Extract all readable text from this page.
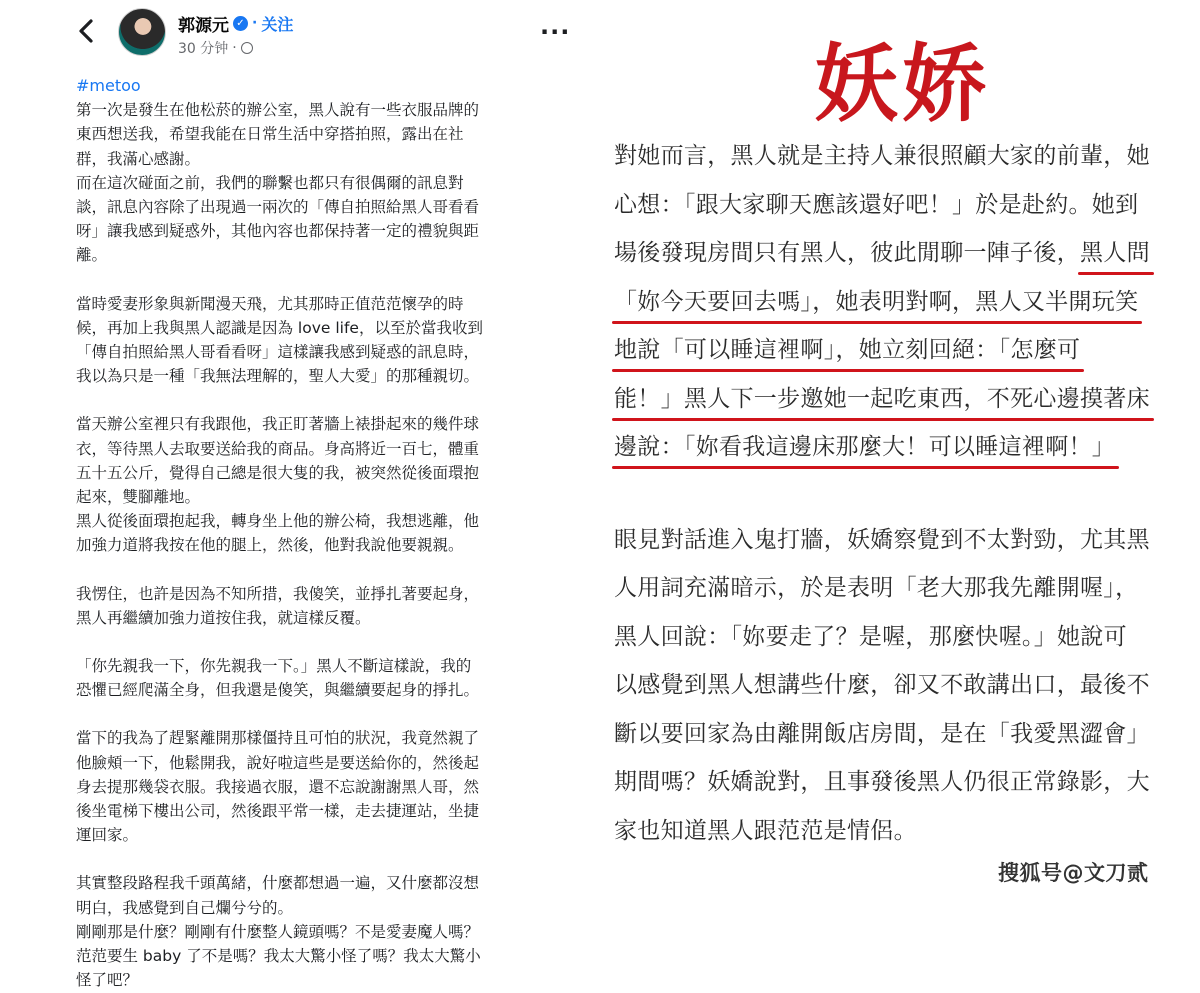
郭源元 ✓ · 关注
30 分钟 ·
···

#metoo

第一次是發生在他松菸的辦公室，黑人說有一些衣服品牌的

東西想送我，希望我能在日常生活中穿搭拍照，露出在社

群，我滿心感謝。

而在這次碰面之前，我們的聯繫也都只有很偶爾的訊息對

談，訊息內容除了出現過一兩次的「傳自拍照給黑人哥看看

呀」讓我感到疑惑外，其他內容也都保持著一定的禮貌與距

離。

當時愛妻形象與新聞漫天飛，尤其那時正值范范懷孕的時

候，再加上我與黑人認識是因為 love life，以至於當我收到

「傳自拍照給黑人哥看看呀」這樣讓我感到疑惑的訊息時，

我以為只是一種「我無法理解的，聖人大愛」的那種親切。

當天辦公室裡只有我跟他，我正盯著牆上裱掛起來的幾件球

衣，等待黑人去取要送給我的商品。身高將近一百七，體重

五十五公斤，覺得自己總是很大隻的我，被突然從後面環抱

起來，雙腳離地。

黑人從後面環抱起我，轉身坐上他的辦公椅，我想逃離，他

加強力道將我按在他的腿上，然後，他對我說他要親親。

我愣住，也許是因為不知所措，我傻笑，並掙扎著要起身，

黑人再繼續加強力道按住我，就這樣反覆。

「你先親我一下，你先親我一下。」黑人不斷這樣說，我的

恐懼已經爬滿全身，但我還是傻笑，與繼續要起身的掙扎。

當下的我為了趕緊離開那樣僵持且可怕的狀況，我竟然親了

他臉頰一下，他鬆開我，說好啦這些是要送給你的，然後起

身去提那幾袋衣服。我接過衣服，還不忘說謝謝黑人哥，然

後坐電梯下樓出公司，然後跟平常一樣，走去捷運站，坐捷

運回家。

其實整段路程我千頭萬緒，什麼都想過一遍，又什麼都沒想

明白，我感覺到自己爛兮兮的。

剛剛那是什麼？剛剛有什麼整人鏡頭嗎？不是愛妻魔人嗎？

范范要生 baby 了不是嗎？我太大驚小怪了嗎？我太大驚小

怪了吧？

妖娇
對她而言，黑人就是主持人兼很照顧大家的前輩，她
心想：「跟大家聊天應該還好吧！」於是赴約。她到
場後發現房間只有黑人，彼此閒聊一陣子後，黑人問
「妳今天要回去嗎」，她表明對啊，黑人又半開玩笑
地說「可以睡這裡啊」，她立刻回絕：「怎麼可
能！」黑人下一步邀她一起吃東西，不死心邊摸著床
邊說：「妳看我這邊床那麼大！可以睡這裡啊！」
眼見對話進入鬼打牆，妖嬌察覺到不太對勁，尤其黑
人用詞充滿暗示，於是表明「老大那我先離開喔」，
黑人回說：「妳要走了？是喔，那麼快喔。」她說可
以感覺到黑人想講些什麼，卻又不敢講出口，最後不
斷以要回家為由離開飯店房間，是在「我愛黑澀會」
期間嗎？妖嬌說對，且事發後黑人仍很正常錄影，大
家也知道黑人跟范范是情侶。
搜狐号@文刀贰
